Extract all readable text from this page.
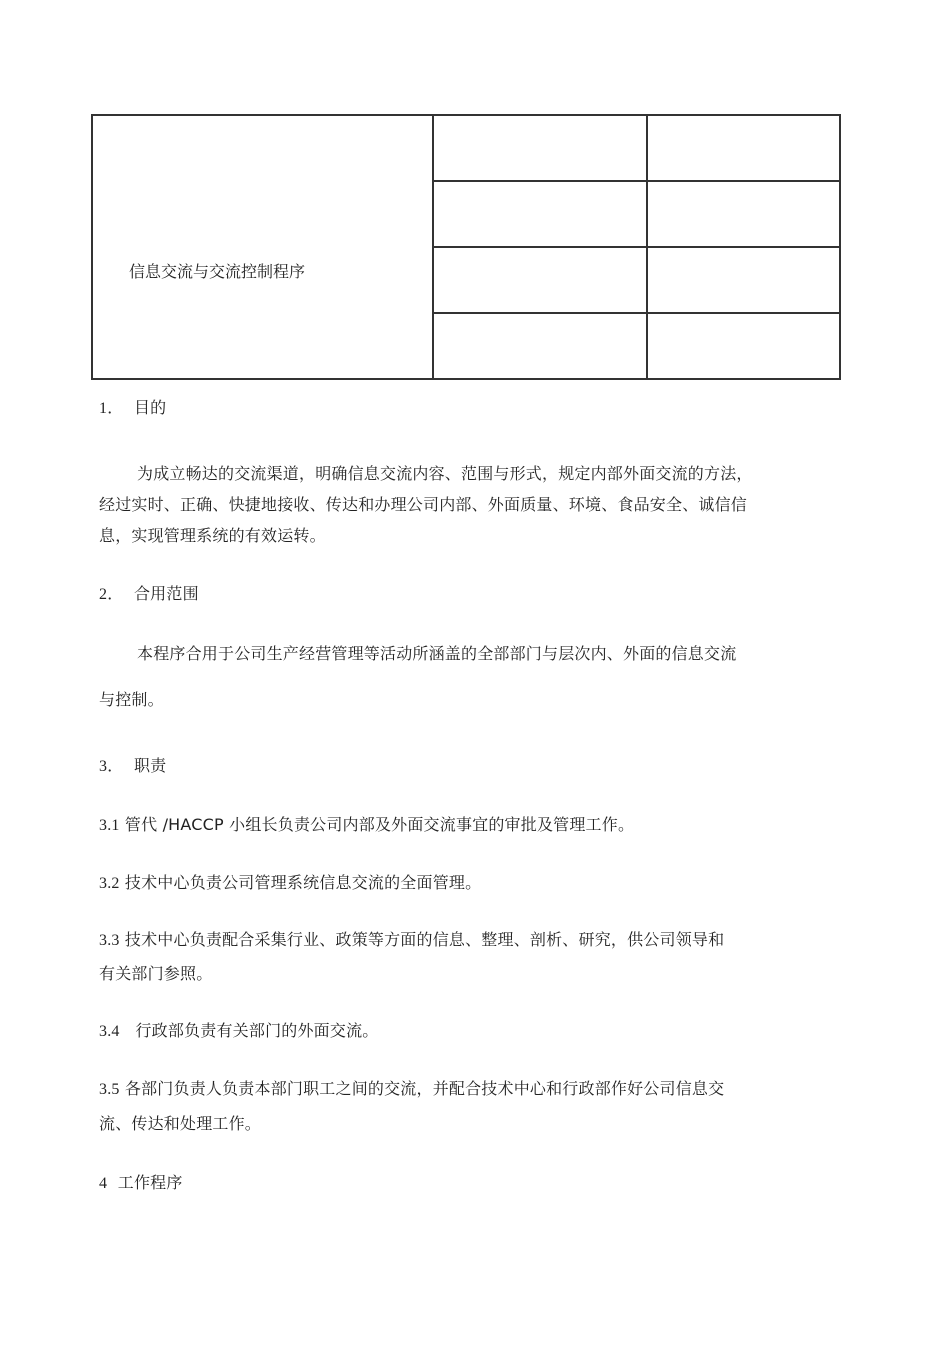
信息交流与交流控制程序
1． 目的
为成立畅达的交流渠道，明确信息交流内容、范围与形式，规定内部外面交流的方法，
经过实时、正确、快捷地接收、传达和办理公司内部、外面质量、环境、食品安全、诚信信
息，实现管理系统的有效运转。
2． 合用范围
本程序合用于公司生产经营管理等活动所涵盖的全部部门与层次内、外面的信息交流
与控制。
3． 职责
3.1 管代 /HACCP 小组长负责公司内部及外面交流事宜的审批及管理工作。
3.2 技术中心负责公司管理系统信息交流的全面管理。
3.3 技术中心负责配合采集行业、政策等方面的信息、整理、剖析、研究，供公司领导和
有关部门参照。
3.4 行政部负责有关部门的外面交流。
3.5 各部门负责人负责本部门职工之间的交流，并配合技术中心和行政部作好公司信息交
流、传达和处理工作。
4 工作程序
